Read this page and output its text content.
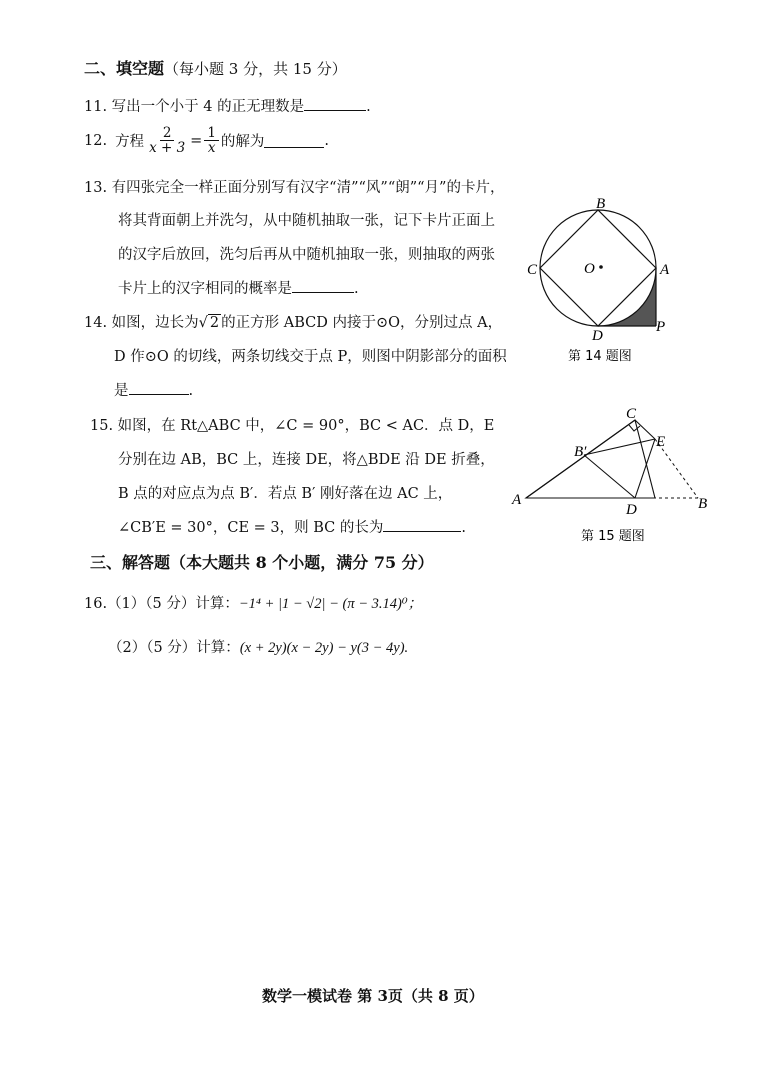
二、填空题（每小题 3 分，共 15 分）
11. 写出一个小于 4 的正无理数是	.
12. 方程 $\frac{2}{x + 3} = \frac{1}{x}$ 的解为	.
13. 有四张完全一样正面分别写有汉字“清”“风”“朗”“月”的卡片，
将其背面朝上并洗匀，从中随机抽取一张，记下卡片正面上
的汉字后放回，洗匀后再从中随机抽取一张，则抽取的两张
卡片上的汉字相同的概率是	.
14. 如图，边长为√ 2 的正方形 ABCD 内接于⊙O，分别过点 A，
D 作⊙O 的切线，两条切线交于点 P，则图中阴影部分的面积
是	.
15. 如图，在 Rt△ABC 中，∠C = 90°，BC < AC．点 D，E
分别在边 AB，BC 上，连接 DE，将△BDE 沿 DE 折叠，
B 点的对应点为点 B′．若点 B′ 刚好落在边 AC 上，
∠CB′E = 30°，CE = 3，则 BC 的长为	.
三、解答题（本大题共 8 个小题，满分 75 分）
16.（1）（5 分）计算：−1⁴ + |1 − √2| − (π − 3.14)⁰；
（2）（5 分）计算：(x + 2y)(x − 2y) − y(3 − 4y).
B
C	A
O
D
P
第 14 题图
C
E
B′
A
D	B
第 15 题图
数学一模试卷 第 3页（共 8 页）
